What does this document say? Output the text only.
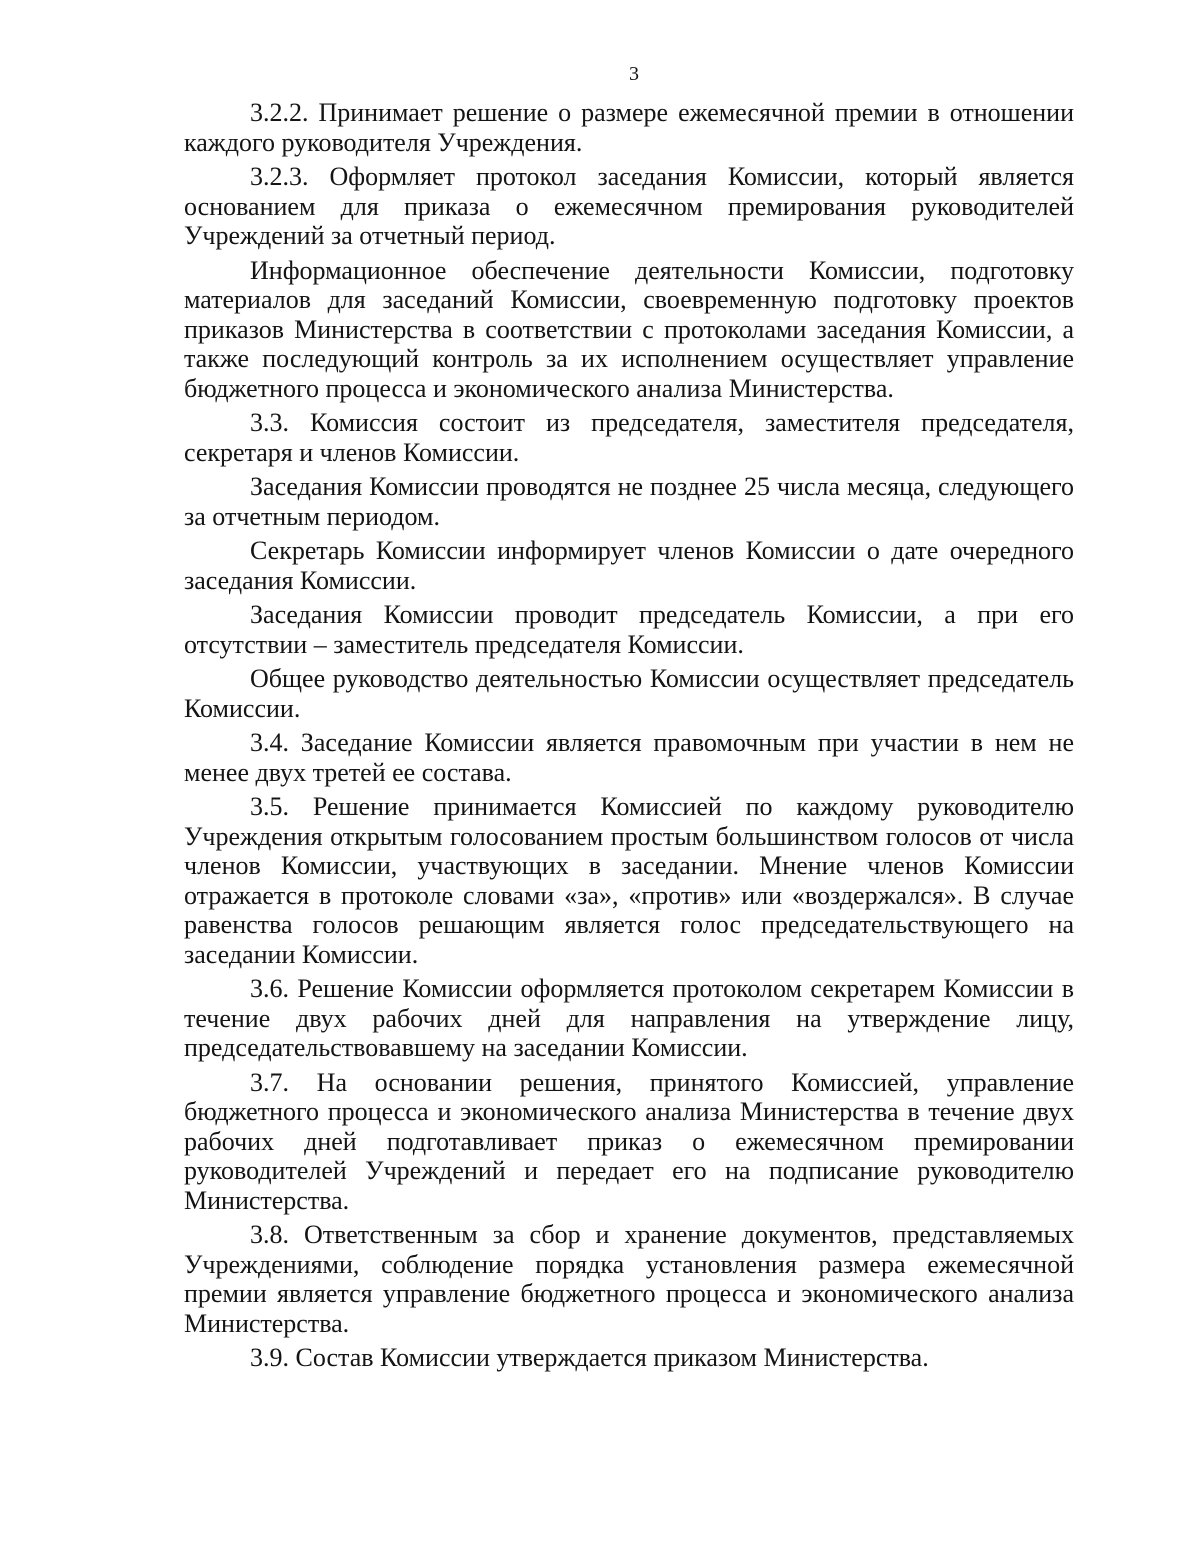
3

3.2.2. Принимает решение о размере ежемесячной премии в отношении каждого руководителя Учреждения.

3.2.3. Оформляет протокол заседания Комиссии, который является основанием для приказа о ежемесячном премирования руководителей Учреждений за отчетный период.

Информационное обеспечение деятельности Комиссии, подготовку материалов для заседаний Комиссии, своевременную подготовку проектов приказов Министерства в соответствии с протоколами заседания Комиссии, а также последующий контроль за их исполнением осуществляет управление бюджетного процесса и экономического анализа Министерства.

3.3. Комиссия состоит из председателя, заместителя председателя, секретаря и членов Комиссии.

Заседания Комиссии проводятся не позднее 25 числа месяца, следующего за отчетным периодом.

Секретарь Комиссии информирует членов Комиссии о дате очередного заседания Комиссии.

Заседания Комиссии проводит председатель Комиссии, а при его отсутствии – заместитель председателя Комиссии.

Общее руководство деятельностью Комиссии осуществляет председатель Комиссии.

3.4. Заседание Комиссии является правомочным при участии в нем не менее двух третей ее состава.

3.5. Решение принимается Комиссией по каждому руководителю Учреждения открытым голосованием простым большинством голосов от числа членов Комиссии, участвующих в заседании. Мнение членов Комиссии отражается в протоколе словами «за», «против» или «воздержался». В случае равенства голосов решающим является голос председательствующего на заседании Комиссии.

3.6. Решение Комиссии оформляется протоколом секретарем Комиссии в течение двух рабочих дней для направления на утверждение лицу, председательствовавшему на заседании Комиссии.

3.7. На основании решения, принятого Комиссией, управление бюджетного процесса и экономического анализа Министерства в течение двух рабочих дней подготавливает приказ о ежемесячном премировании руководителей Учреждений и передает его на подписание руководителю Министерства.

3.8. Ответственным за сбор и хранение документов, представляемых Учреждениями, соблюдение порядка установления размера ежемесячной премии является управление бюджетного процесса и экономического анализа Министерства.

3.9. Состав Комиссии утверждается приказом Министерства.
